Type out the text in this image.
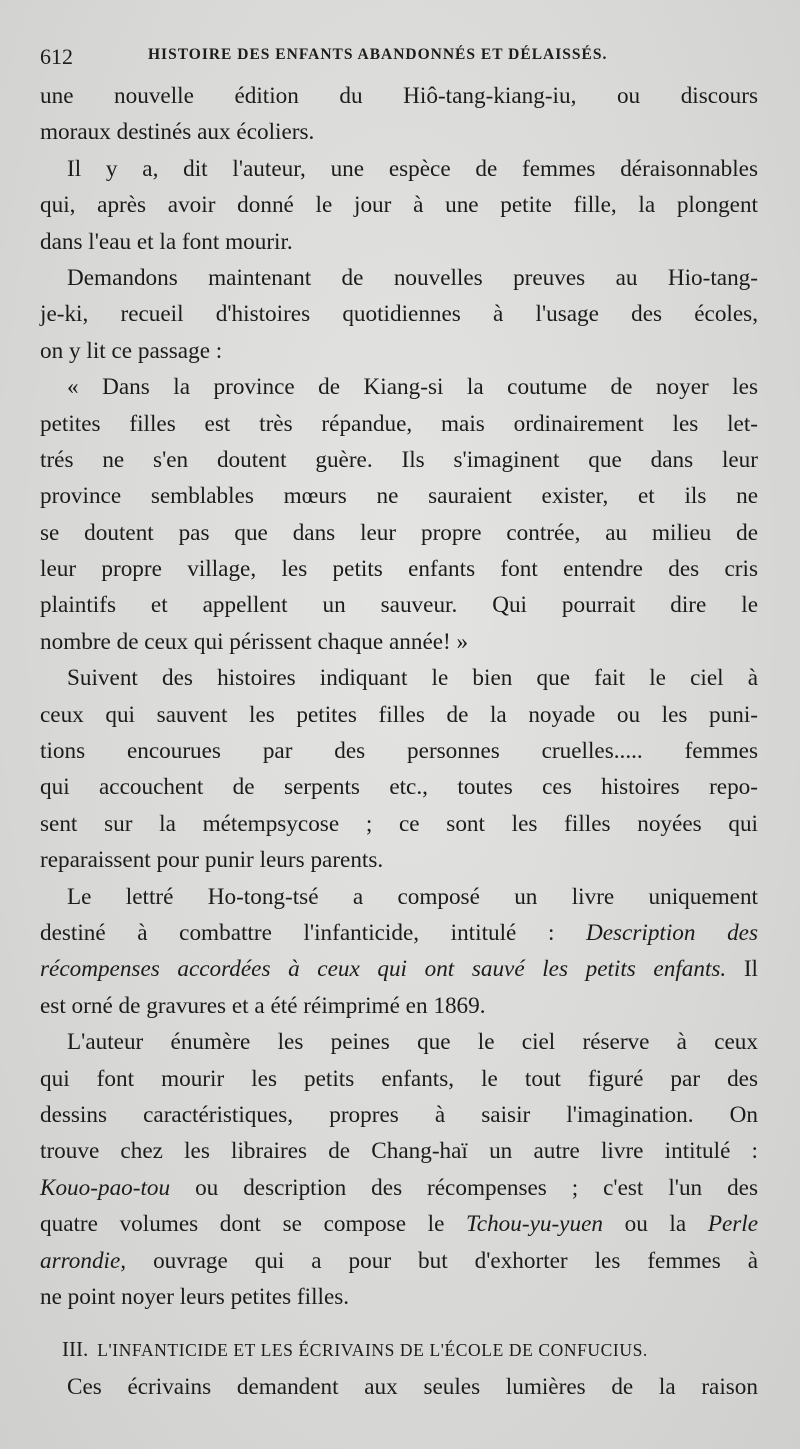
612	HISTOIRE DES ENFANTS ABANDONNÉS ET DÉLAISSÉS.
une nouvelle édition du Hiô-tang-kiang-iu, ou discours
moraux destinés aux écoliers.
Il y a, dit l'auteur, une espèce de femmes déraisonnables
qui, après avoir donné le jour à une petite fille, la plongent
dans l'eau et la font mourir.
Demandons maintenant de nouvelles preuves au Hio-tang-
je-ki, recueil d'histoires quotidiennes à l'usage des écoles,
on y lit ce passage :
« Dans la province de Kiang-si la coutume de noyer les
petites filles est très répandue, mais ordinairement les let-
trés ne s'en doutent guère. Ils s'imaginent que dans leur
province semblables mœurs ne sauraient exister, et ils ne
se doutent pas que dans leur propre contrée, au milieu de
leur propre village, les petits enfants font entendre des cris
plaintifs et appellent un sauveur. Qui pourrait dire le
nombre de ceux qui périssent chaque année! »
Suivent des histoires indiquant le bien que fait le ciel à
ceux qui sauvent les petites filles de la noyade ou les puni-
tions encourues par des personnes cruelles..... femmes
qui accouchent de serpents etc., toutes ces histoires repo-
sent sur la métempsycose ; ce sont les filles noyées qui
reparaissent pour punir leurs parents.
Le lettré Ho-tong-tsé a composé un livre uniquement
destiné à combattre l'infanticide, intitulé : Description des
récompenses accordées à ceux qui ont sauvé les petits enfants. Il
est orné de gravures et a été réimprimé en 1869.
L'auteur énumère les peines que le ciel réserve à ceux
qui font mourir les petits enfants, le tout figuré par des
dessins caractéristiques, propres à saisir l'imagination. On
trouve chez les libraires de Chang-haï un autre livre intitulé :
Kouo-pao-tou ou description des récompenses ; c'est l'un des
quatre volumes dont se compose le Tchou-yu-yuen ou la Perle
arrondie, ouvrage qui a pour but d'exhorter les femmes à
ne point noyer leurs petites filles.
III. L'INFANTICIDE ET LES ÉCRIVAINS DE L'ÉCOLE DE CONFUCIUS.
Ces écrivains demandent aux seules lumières de la raison
